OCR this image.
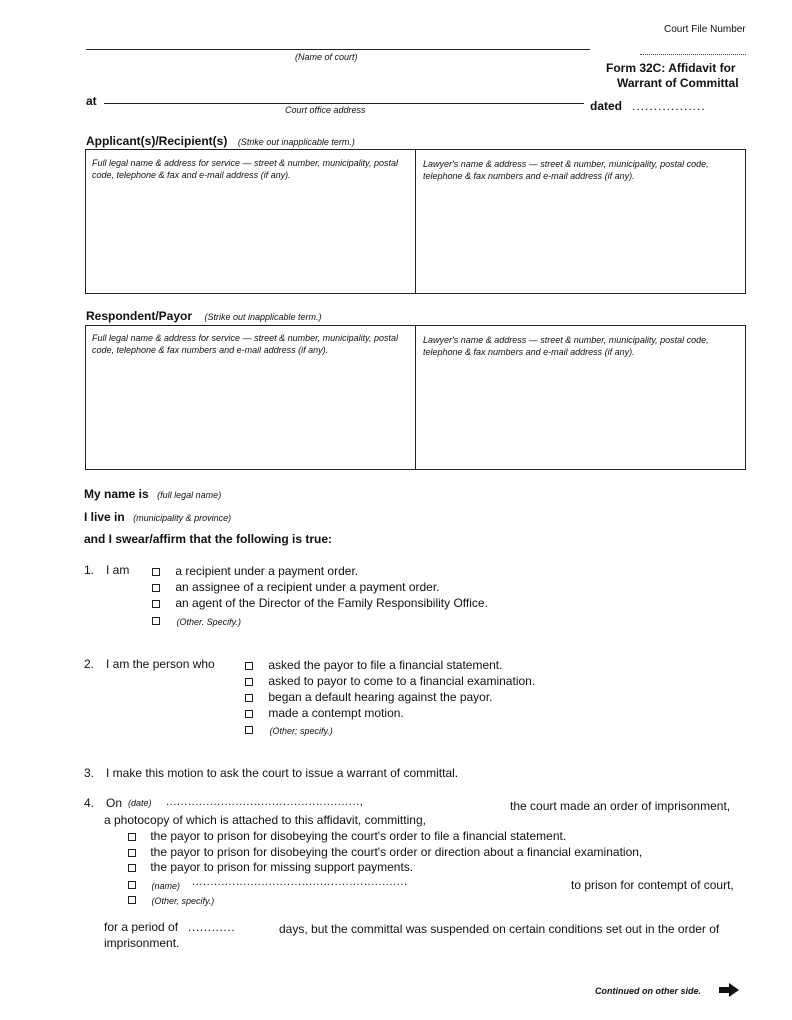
Court File Number
(Name of court)
Form 32C: Affidavit for
Warrant of Committal
at
Court office address	dated .................
Applicant(s)/Recipient(s) (Strike out inapplicable term.)
Full legal name & address for service — street & number, municipality, postal code, telephone & fax and e-mail address (if any).
Lawyer's name & address — street & number, municipality, postal code, telephone & fax numbers and e-mail address (if any).
Respondent/Payor (Strike out inapplicable term.)
Full legal name & address for service — street & number, municipality, postal code, telephone & fax numbers and e-mail address (if any).
Lawyer's name & address — street & number, municipality, postal code, telephone & fax numbers and e-mail address (if any).
My name is (full legal name)
I live in (municipality & province)
and I swear/affirm that the following is true:
1. I am	a recipient under a payment order.
an assignee of a recipient under a payment order.
an agent of the Director of the Family Responsibility Office.
(Other. Specify.)
2. I am the person who	asked the payor to file a financial statement.
asked to payor to come to a financial examination.
began a default hearing against the payor.
made a contempt motion.
(Other; specify.)
3. I make this motion to ask the court to issue a warrant of committal.
4. On (date) .....................................................,	the court made an order of imprisonment,
a photocopy of which is attached to this affidavit, committing,
the payor to prison for disobeying the court's order to file a financial statement.
the payor to prison for disobeying the court's order or direction about a financial examination,
the payor to prison for missing support payments.
(name) ...........................................................	to prison for contempt of court,
(Other, specify.)
for a period of ............	days, but the committal was suspended on certain conditions set out in the order of
imprisonment.
Continued on other side.
